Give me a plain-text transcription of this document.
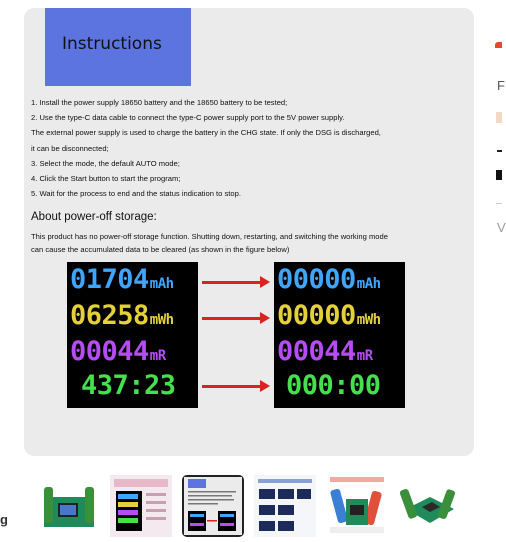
Instructions
1. Install the power supply 18650 battery and the 18650 battery to be tested;
2. Use the type-C data cable to connect the type-C power supply port to the 5V power supply.
The external power supply is used to charge the battery in the CHG state. If only the DSG is discharged,
it can be disconnected;
3. Select the mode, the default AUTO mode;
4. Click the Start button to start the program;
5. Wait for the process to end and the status indication to stop.
About power-off storage:
This product has no power-off storage function. Shutting down, restarting, and switching the working mode
can cause the accumulated data to be cleared (as shown in the figure below)
01704mAh
06258mWh
00044mR
437:23
00000mAh
00000mWh
00044mR
000:00
F
V
g
